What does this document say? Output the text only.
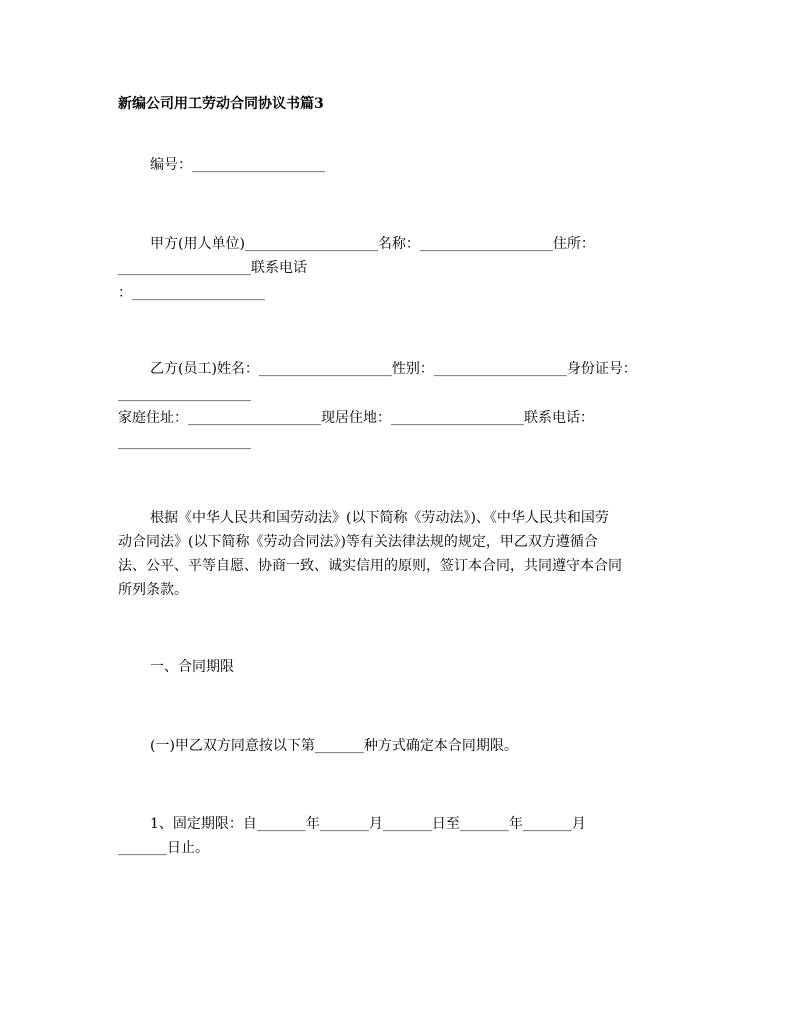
新编公司用工劳动合同协议书篇3
编号：___________________
甲方(用人单位)___________________名称：___________________住所：
___________________联系电话
：___________________
乙方(员工)姓名：___________________性别：___________________身份证号：
___________________
家庭住址：___________________现居住地：___________________联系电话：
___________________
根据《中华人民共和国劳动法》(以下简称《劳动法》)、《中华人民共和国劳
动合同法》(以下简称《劳动合同法》)等有关法律法规的规定，甲乙双方遵循合
法、公平、平等自愿、协商一致、诚实信用的原则，签订本合同，共同遵守本合同
所列条款。
一、合同期限
(一)甲乙双方同意按以下第_______种方式确定本合同期限。
1、固定期限：自_______年_______月_______日至_______年_______月
_______日止。
